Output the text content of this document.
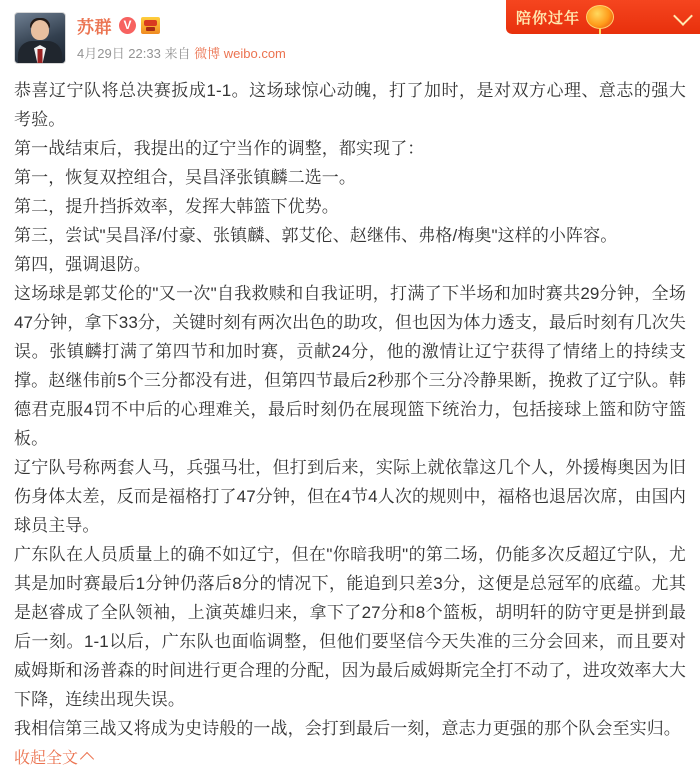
陪你过年
苏群 V
4月29日 22:33 来自 微博 weibo.com

恭喜辽宁队将总决赛扳成1-1。这场球惊心动魄，打了加时，是对双方心理、意志的强大考验。

第一战结束后，我提出的辽宁当作的调整，都实现了：

第一，恢复双控组合，吴昌泽张镇麟二选一。

第二，提升挡拆效率，发挥大韩篮下优势。

第三，尝试"吴昌泽/付豪、张镇麟、郭艾伦、赵继伟、弗格/梅奥"这样的小阵容。

第四，强调退防。

这场球是郭艾伦的"又一次"自我救赎和自我证明，打满了下半场和加时赛共29分钟，全场47分钟，拿下33分，关键时刻有两次出色的助攻，但也因为体力透支，最后时刻有几次失误。张镇麟打满了第四节和加时赛，贡献24分，他的激情让辽宁获得了情绪上的持续支撑。赵继伟前5个三分都没有进，但第四节最后2秒那个三分冷静果断，挽救了辽宁队。韩德君克服4罚不中后的心理难关，最后时刻仍在展现篮下统治力，包括接球上篮和防守篮板。

辽宁队号称两套人马，兵强马壮，但打到后来，实际上就依靠这几个人，外援梅奥因为旧伤身体太差，反而是福格打了47分钟，但在4节4人次的规则中，福格也退居次席，由国内球员主导。

广东队在人员质量上的确不如辽宁，但在"你暗我明"的第二场，仍能多次反超辽宁队，尤其是加时赛最后1分钟仍落后8分的情况下，能追到只差3分，这便是总冠军的底蕴。尤其是赵睿成了全队领袖，上演英雄归来，拿下了27分和8个篮板，胡明轩的防守更是拼到最后一刻。1-1以后，广东队也面临调整，但他们要坚信今天失准的三分会回来，而且要对威姆斯和汤普森的时间进行更合理的分配，因为最后威姆斯完全打不动了，进攻效率大大下降，连续出现失误。

我相信第三战又将成为史诗般的一战，会打到最后一刻，意志力更强的那个队会至实归。

收起全文
